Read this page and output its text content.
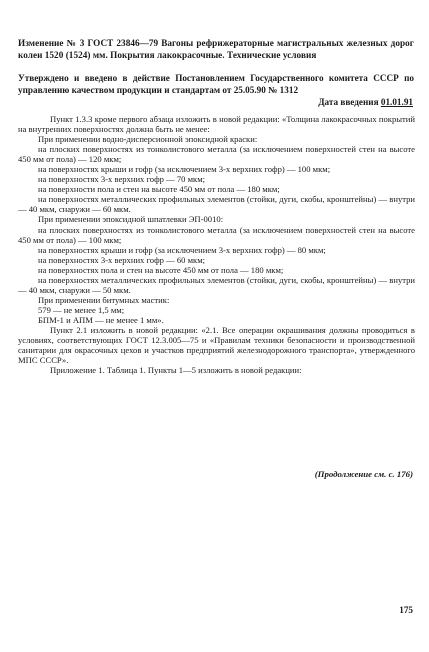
Изменение № 3 ГОСТ 23846—79 Вагоны рефрижераторные магистральных железных дорог колеи 1520 (1524) мм. Покрытия лакокрасочные. Технические условия
Утверждено и введено в действие Постановлением Государственного комитета СССР по управлению качеством продукции и стандартам от 25.05.90 № 1312
Дата введения 01.01.91

Пункт 1.3.3 кроме первого абзаца изложить в новой редакции: «Толщина лакокрасочных покрытий на внутренних поверхностях должна быть не менее:

При применении водно-дисперсионной эпоксидной краски:

на плоских поверхностях из тонколистового металла (за исключением поверхностей стен на высоте 450 мм от пола) — 120 мкм;

на поверхностях крыши и гофр (за исключением 3-х верхних гофр) — 100 мкм;

на поверхностях 3-х верхних гофр — 70 мкм;

на поверхности пола и стен на высоте 450 мм от пола — 180 мкм;

на поверхностях металлических профильных элементов (стойки, дуги, скобы, кронштейны) — внутри — 40 мкм, снаружи — 60 мкм.

При применении эпоксидной шпатлевки ЭП-0010:

на плоских поверхностях из тонколистового металла (за исключением поверхностей стен на высоте 450 мм от пола) — 100 мкм;

на поверхностях крыши и гофр (за исключением 3-х верхних гофр) — 80 мкм;

на поверхностях 3-х верхних гофр — 60 мкм;

на поверхностях пола и стен на высоте 450 мм от пола — 180 мкм;

на поверхностях металлических профильных элементов (стойки, дуги, скобы, кронштейны) — внутри — 40 мкм, снаружи — 50 мкм.

При применении битумных мастик:

579 — не менее 1,5 мм;

БПМ-1 и АПМ — не менее 1 мм».

Пункт 2.1 изложить в новой редакции: «2.1. Все операции окрашивания должны проводиться в условиях, соответствующих ГОСТ 12.3.005—75 и «Правилам техники безопасности и производственной санитарии для окрасочных цехов и участков предприятий железнодорожного транспорта», утвержденного МПС СССР».

Приложение 1. Таблица 1. Пункты 1—5 изложить в новой редакции:

(Продолжение см. с. 176)
175
